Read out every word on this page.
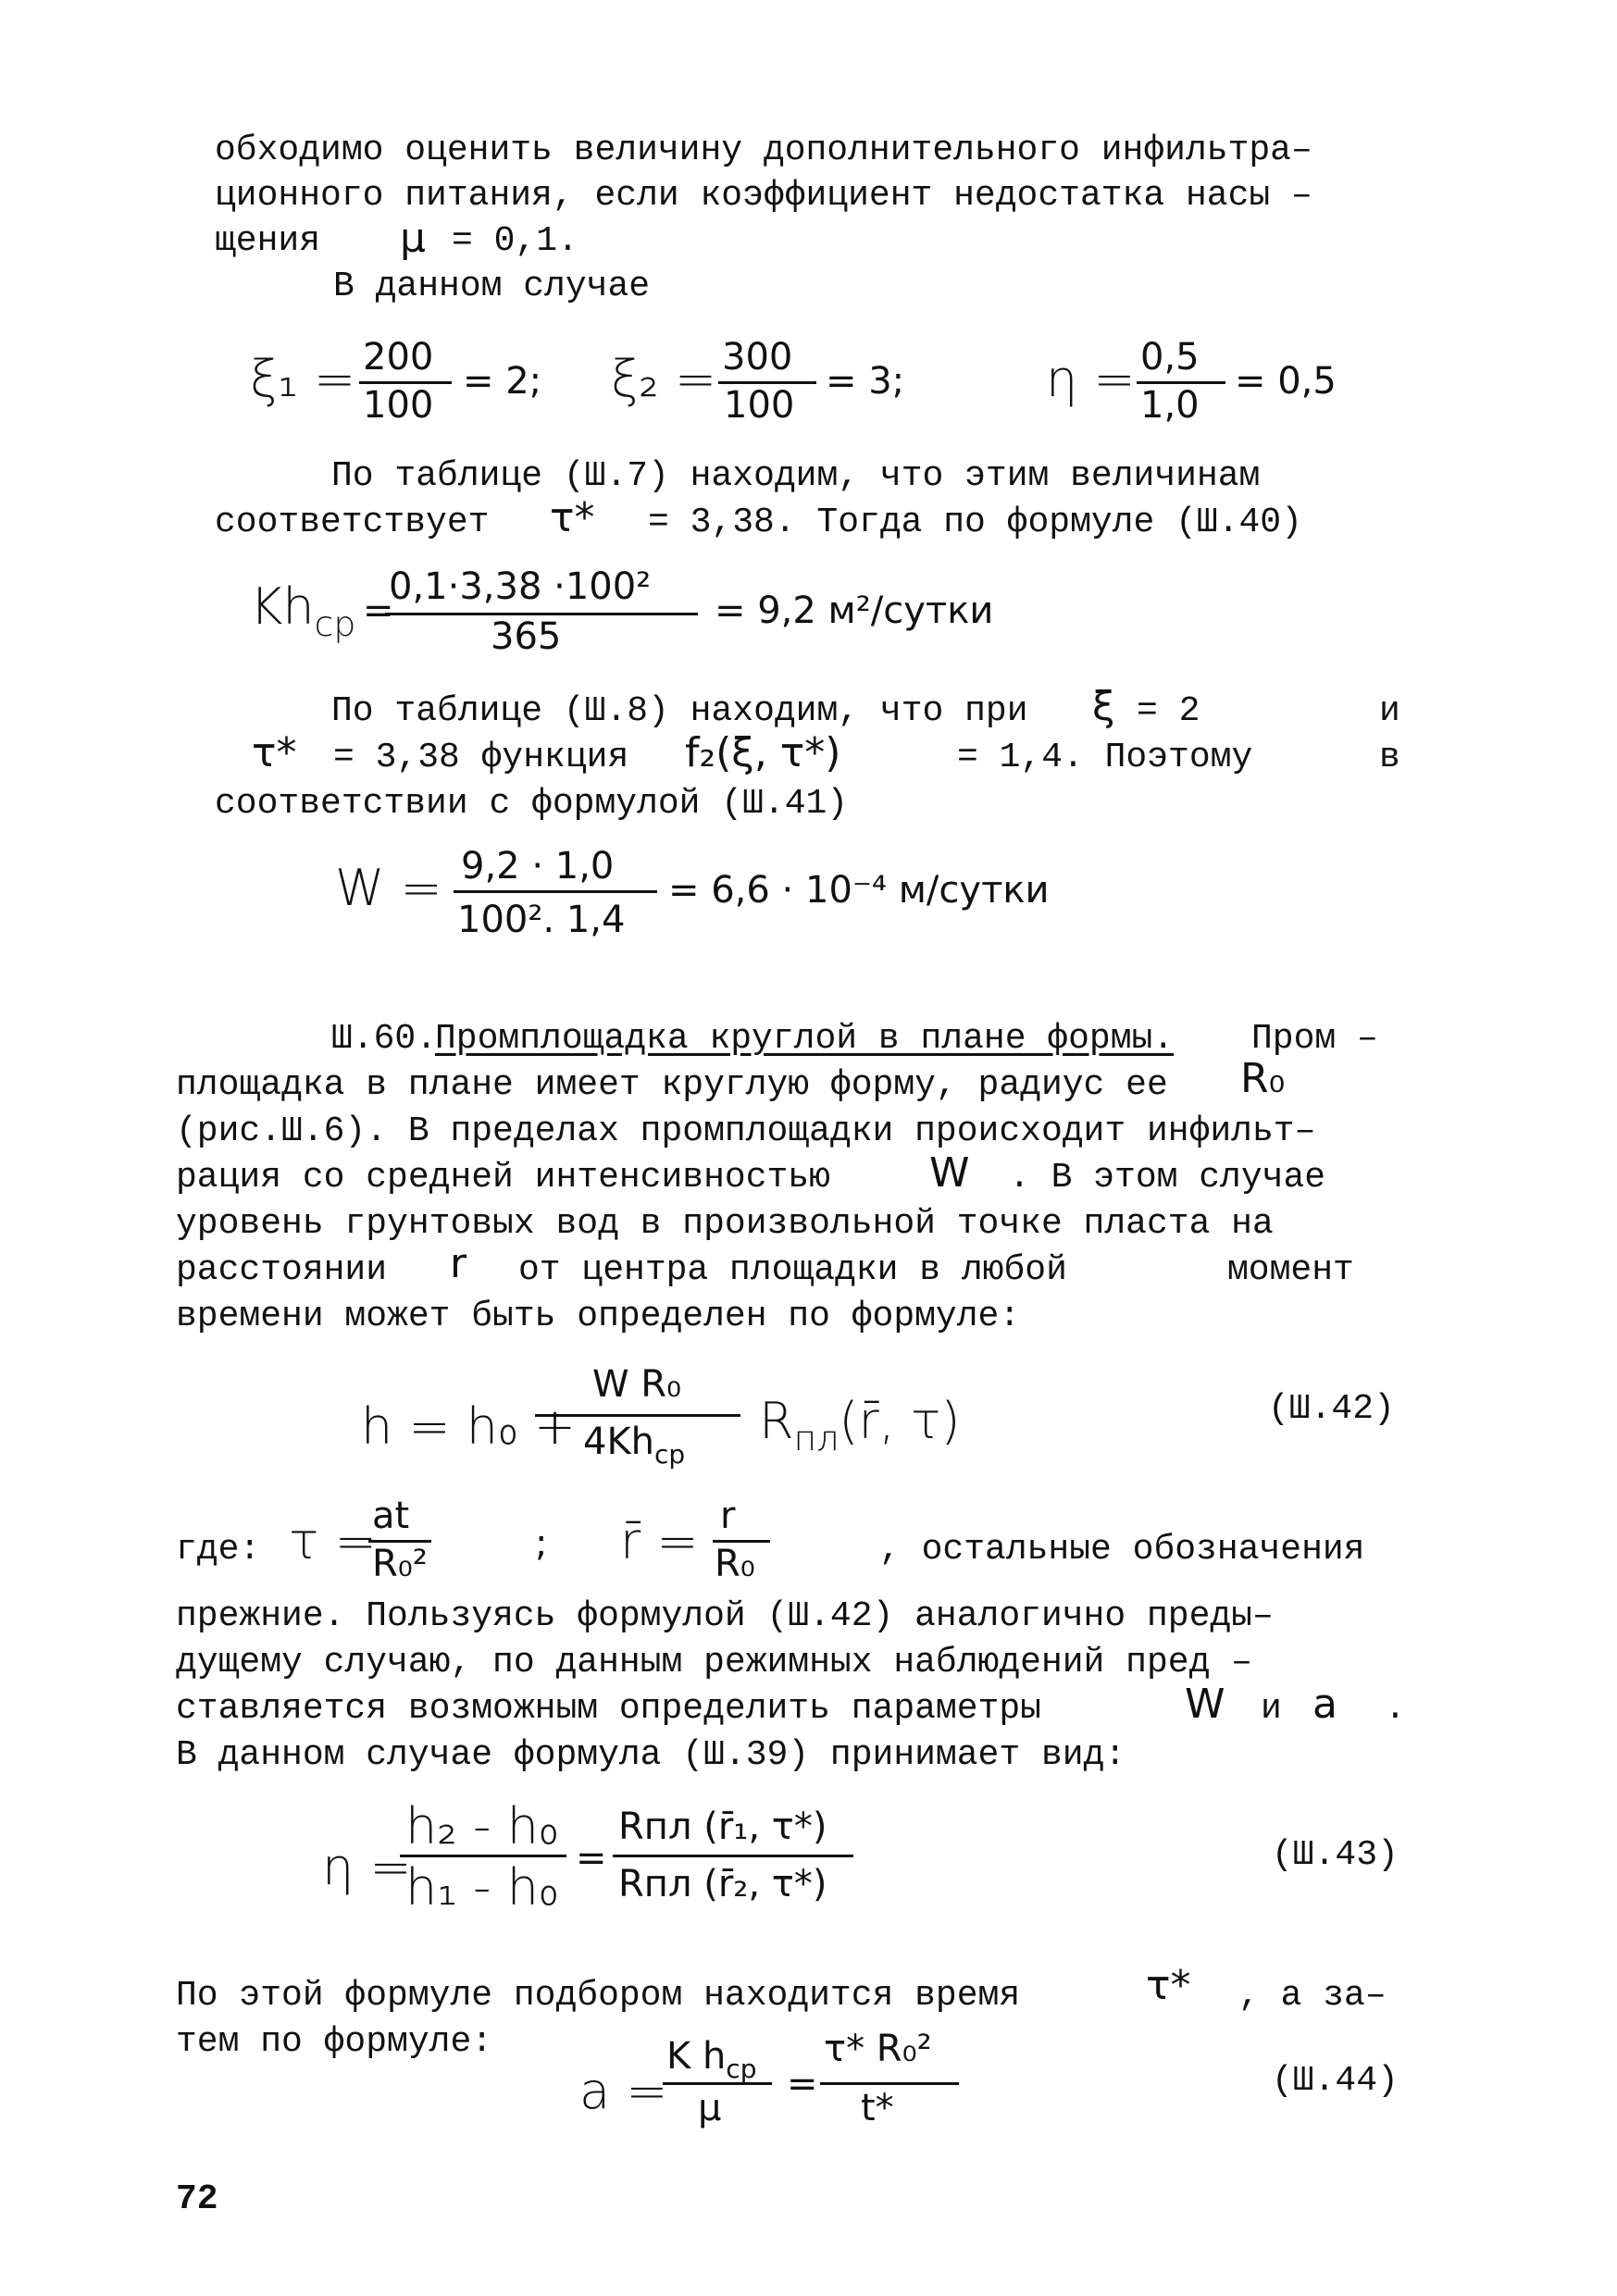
обходимо оценить величину дополнительного инфильтра–
ционного питания, если коэффициент недостатка насы –
щения μ = 0,1.
В данном случае
ξ₁ = 200
100
= 2; ξ₂ = 300
100
= 3;	η = 0,5
1,0
= 0,5
По таблице (Ш.7) находим, что этим величинам
соответствует τ* = 3,38. Тогда по формуле (Ш.40)
$Kh_{cp}$ =
0,1·3,38 ·100²
365
= 9,2 м²/сутки
По таблице (Ш.8) находим, что при ξ = 2	и
τ* = 3,38 функция f₂(ξ, τ*)	= 1,4. Поэтому	в
соответствии с формулой (Ш.41)
W = 9,2 · 1,0
100². 1,4
= 6,6 · 10⁻⁴ м/сутки
Ш.60.
Промплощадка круглой в плане формы. Пром –
площадка в плане имеет круглую форму, радиус ее R₀
(рис.Ш.6). В пределах промплощадки происходит инфильт–
рация со средней интенсивностью W . В этом случае
уровень грунтовых вод в произвольной точке пласта на
расстоянии r от центра площадки в любой	момент
времени может быть определен по формуле:
h = h₀ +
W R₀
$4Kh_{cp}$
$R_{пл}(r̄$, τ)	(Ш.42)
где: τ =
at
R₀²	; r̄ = r
R₀	, остальные обозначения
прежние. Пользуясь формулой (Ш.42) аналогично преды–
дущему случаю, по данным режимных наблюдений пред –
ставляется возможным определить параметры	W и a .
В данном случае формула (Ш.39) принимает вид:
η =
h₂ - h₀
h₁ - h₀ =
Rпл (r̄₁, τ*)
Rпл (r̄₂, τ*)
(Ш.43)
По этой формуле подбором находится время	τ* , а за–
тем по формуле:
a =
K $h_{cp}$
μ
=
τ* R₀²
t*
(Ш.44)
72
